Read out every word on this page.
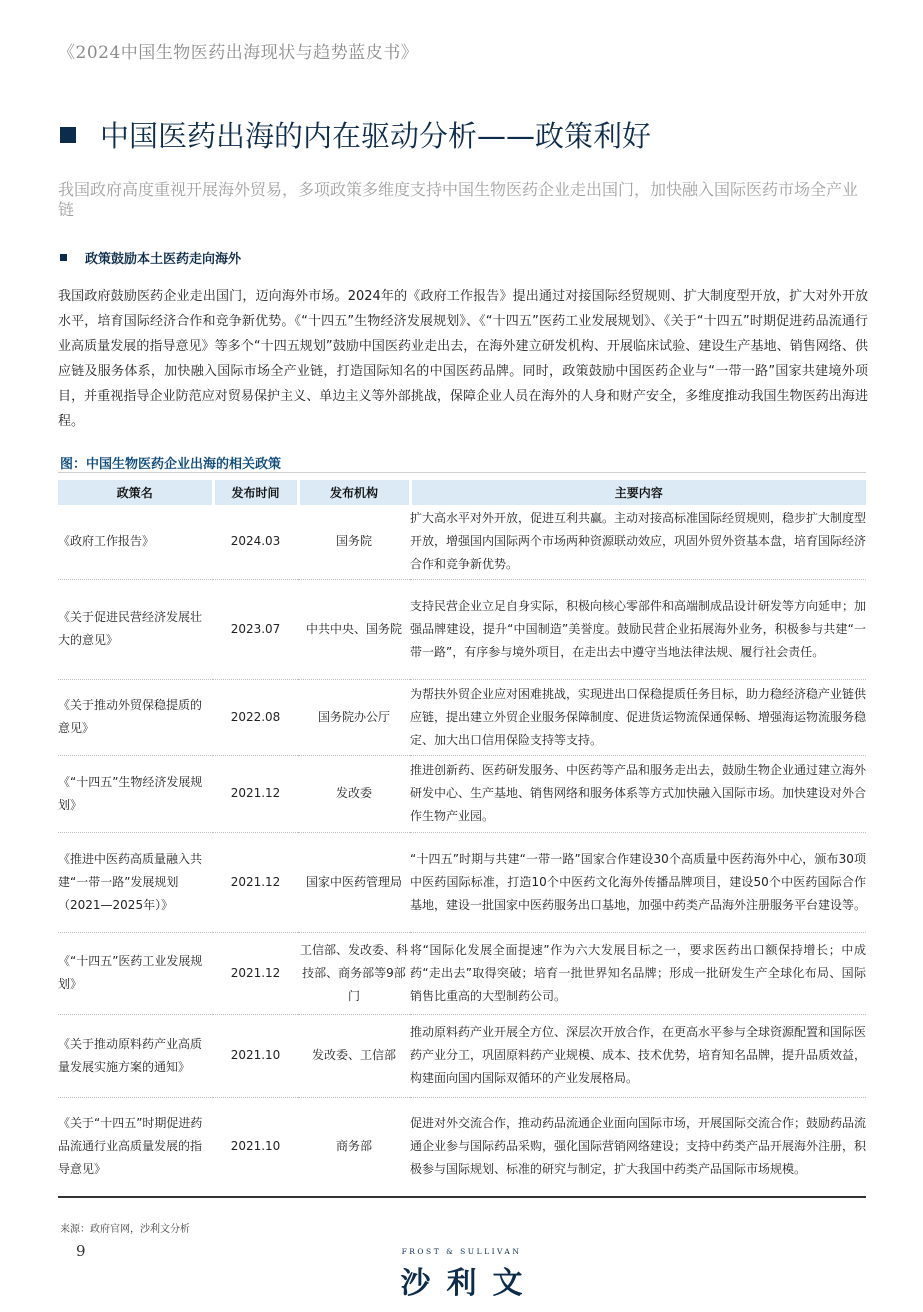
《2024中国生物医药出海现状与趋势蓝皮书》
中国医药出海的内在驱动分析——政策利好
我国政府高度重视开展海外贸易，多项政策多维度支持中国生物医药企业走出国门，加快融入国际医药市场全产业链
政策鼓励本土医药走向海外
我国政府鼓励医药企业走出国门，迈向海外市场。2024年的《政府工作报告》提出通过对接国际经贸规则、扩大制度型开放，扩大对外开放水平，培育国际经济合作和竞争新优势。《“十四五”生物经济发展规划》、《“十四五”医药工业发展规划》、《关于“十四五”时期促进药品流通行业高质量发展的指导意见》等多个“十四五规划”鼓励中国医药业走出去，在海外建立研发机构、开展临床试验、建设生产基地、销售网络、供应链及服务体系，加快融入国际市场全产业链，打造国际知名的中国医药品牌。同时，政策鼓励中国医药企业与“一带一路”国家共建境外项目，并重视指导企业防范应对贸易保护主义、单边主义等外部挑战，保障企业人员在海外的人身和财产安全，多维度推动我国生物医药出海进程。
图：中国生物医药企业出海的相关政策
政策名	发布时间	发布机构	主要内容
《政府工作报告》	2024.03	国务院	扩大高水平对外开放，促进互利共赢。主动对接高标准国际经贸规则，稳步扩大制度型开放，增强国内国际两个市场两种资源联动效应，巩固外贸外资基本盘，培育国际经济合作和竞争新优势。
《关于促进民营经济发展壮大的意见》	2023.07	中共中央、国务院	支持民营企业立足自身实际，积极向核心零部件和高端制成品设计研发等方向延申；加强品牌建设，提升“中国制造”美誉度。鼓励民营企业拓展海外业务，积极参与共建“一带一路”，有序参与境外项目，在走出去中遵守当地法律法规、履行社会责任。
《关于推动外贸保稳提质的意见》	2022.08	国务院办公厅	为帮扶外贸企业应对困难挑战，实现进出口保稳提质任务目标，助力稳经济稳产业链供应链，提出建立外贸企业服务保障制度、促进货运物流保通保畅、增强海运物流服务稳定、加大出口信用保险支持等支持。
《“十四五”生物经济发展规划》	2021.12	发改委	推进创新药、医药研发服务、中医药等产品和服务走出去，鼓励生物企业通过建立海外研发中心、生产基地、销售网络和服务体系等方式加快融入国际市场。加快建设对外合作生物产业园。
《推进中医药高质量融入共建“一带一路”发展规划（2021—2025年）》	2021.12	国家中医药管理局	“十四五”时期与共建“一带一路”国家合作建设30个高质量中医药海外中心，颁布30项中医药国际标准，打造10个中医药文化海外传播品牌项目，建设50个中医药国际合作基地，建设一批国家中医药服务出口基地，加强中药类产品海外注册服务平台建设等。
《“十四五”医药工业发展规划》	2021.12	工信部、发改委、科技部、商务部等9部门	将“国际化发展全面提速”作为六大发展目标之一，要求医药出口额保持增长；中成药“走出去”取得突破；培育一批世界知名品牌；形成一批研发生产全球化布局、国际销售比重高的大型制药公司。
《关于推动原料药产业高质量发展实施方案的通知》	2021.10	发改委、工信部	推动原料药产业开展全方位、深层次开放合作，在更高水平参与全球资源配置和国际医药产业分工，巩固原料药产业规模、成本、技术优势，培育知名品牌，提升品质效益，构建面向国内国际双循环的产业发展格局。
《关于“十四五”时期促进药品流通行业高质量发展的指导意见》	2021.10	商务部	促进对外交流合作，推动药品流通企业面向国际市场，开展国际交流合作；鼓励药品流通企业参与国际药品采购，强化国际营销网络建设；支持中药类产品开展海外注册，积极参与国际规划、标准的研究与制定，扩大我国中药类产品国际市场规模。
来源：政府官网，沙利文分析
9	FROST & SULLIVAN
沙利文
